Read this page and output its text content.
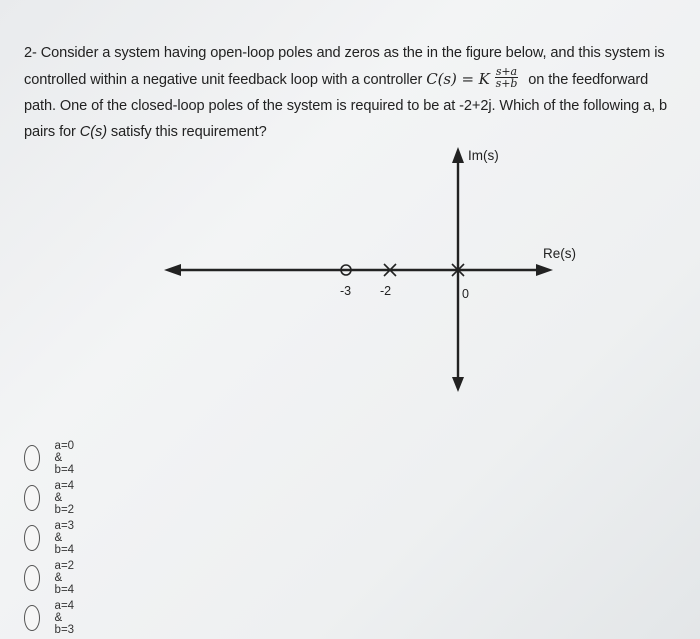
2- Consider a system having open-loop poles and zeros as the in the figure below, and this system is
controlled within a negative unit feedback loop with a controller C(s) = K $\frac{s+a}{s+b}$ on the feedforward
path. One of the closed-loop poles of the system is required to be at -2+2j. Which of the following a, b
pairs for C(s) satisfy this requirement?
Im(s)
Re(s)
-3 -2	0
a=0 & b=4
a=4 & b=2
a=3 & b=4
a=2 & b=4
a=4 & b=3
